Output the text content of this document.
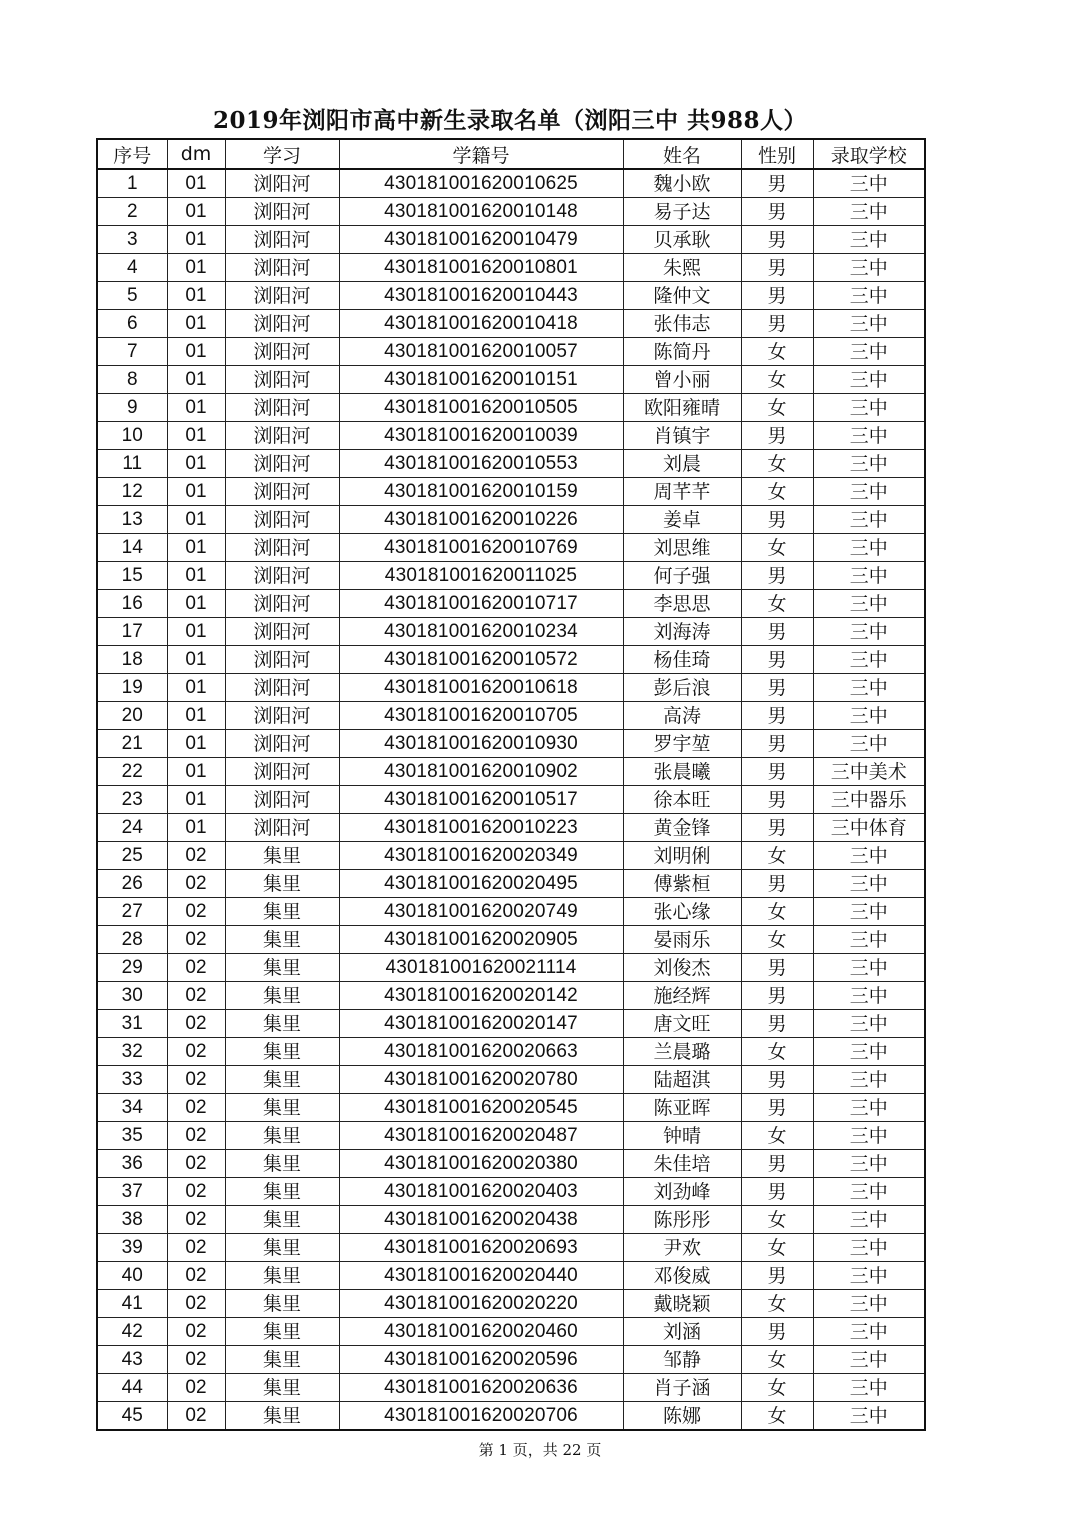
2019年浏阳市高中新生录取名单（浏阳三中 共988人）
序号	dm	学习	学籍号	姓名	性别	录取学校
1	01	浏阳河	430181001620010625	魏小欧	男	三中
2	01	浏阳河	430181001620010148	易子达	男	三中
3	01	浏阳河	430181001620010479	贝承耿	男	三中
4	01	浏阳河	430181001620010801	朱熙	男	三中
5	01	浏阳河	430181001620010443	隆仲文	男	三中
6	01	浏阳河	430181001620010418	张伟志	男	三中
7	01	浏阳河	430181001620010057	陈简丹	女	三中
8	01	浏阳河	430181001620010151	曾小丽	女	三中
9	01	浏阳河	430181001620010505	欧阳雍晴	女	三中
10	01	浏阳河	430181001620010039	肖镇宇	男	三中
11	01	浏阳河	430181001620010553	刘晨	女	三中
12	01	浏阳河	430181001620010159	周芊芊	女	三中
13	01	浏阳河	430181001620010226	姜卓	男	三中
14	01	浏阳河	430181001620010769	刘思维	女	三中
15	01	浏阳河	430181001620011025	何子强	男	三中
16	01	浏阳河	430181001620010717	李思思	女	三中
17	01	浏阳河	430181001620010234	刘海涛	男	三中
18	01	浏阳河	430181001620010572	杨佳琦	男	三中
19	01	浏阳河	430181001620010618	彭后浪	男	三中
20	01	浏阳河	430181001620010705	高涛	男	三中
21	01	浏阳河	430181001620010930	罗宇堃	男	三中
22	01	浏阳河	430181001620010902	张晨曦	男	三中美术
23	01	浏阳河	430181001620010517	徐本旺	男	三中器乐
24	01	浏阳河	430181001620010223	黄金锋	男	三中体育
25	02	集里	430181001620020349	刘明俐	女	三中
26	02	集里	430181001620020495	傅紫桓	男	三中
27	02	集里	430181001620020749	张心缘	女	三中
28	02	集里	430181001620020905	晏雨乐	女	三中
29	02	集里	430181001620021114	刘俊杰	男	三中
30	02	集里	430181001620020142	施经辉	男	三中
31	02	集里	430181001620020147	唐文旺	男	三中
32	02	集里	430181001620020663	兰晨璐	女	三中
33	02	集里	430181001620020780	陆超淇	男	三中
34	02	集里	430181001620020545	陈亚晖	男	三中
35	02	集里	430181001620020487	钟晴	女	三中
36	02	集里	430181001620020380	朱佳培	男	三中
37	02	集里	430181001620020403	刘劲峰	男	三中
38	02	集里	430181001620020438	陈彤彤	女	三中
39	02	集里	430181001620020693	尹欢	女	三中
40	02	集里	430181001620020440	邓俊威	男	三中
41	02	集里	430181001620020220	戴晓颖	女	三中
42	02	集里	430181001620020460	刘涵	男	三中
43	02	集里	430181001620020596	邹静	女	三中
44	02	集里	430181001620020636	肖子涵	女	三中
45	02	集里	430181001620020706	陈娜	女	三中
第 1 页，共 22 页
